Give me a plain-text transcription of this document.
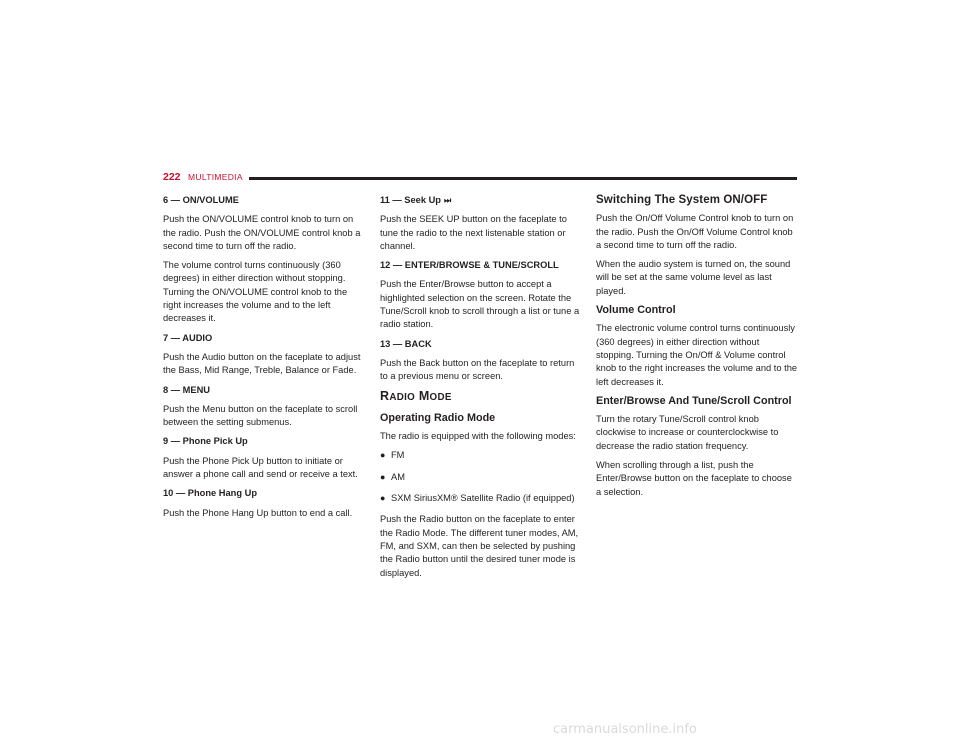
222 MULTIMEDIA
6 — ON/VOLUME
Push the ON/VOLUME control knob to turn on the radio. Push the ON/VOLUME control knob a second time to turn off the radio.
The volume control turns continuously (360 degrees) in either direction without stopping. Turning the ON/VOLUME control knob to the right increases the volume and to the left decreases it.
7 — AUDIO
Push the Audio button on the faceplate to adjust the Bass, Mid Range, Treble, Balance or Fade.
8 — MENU
Push the Menu button on the faceplate to scroll between the setting submenus.
9 — Phone Pick Up
Push the Phone Pick Up button to initiate or answer a phone call and send or receive a text.
10 — Phone Hang Up
Push the Phone Hang Up button to end a call.
11 — Seek Up ⏭
Push the SEEK UP button on the faceplate to tune the radio to the next listenable station or channel.
12 — ENTER/BROWSE & TUNE/SCROLL
Push the Enter/Browse button to accept a highlighted selection on the screen. Rotate the Tune/Scroll knob to scroll through a list or tune a radio station.
13 — BACK
Push the Back button on the faceplate to return to a previous menu or screen.
RADIO MODE
Operating Radio Mode
The radio is equipped with the following modes:
● FM
● AM
● SXM SiriusXM® Satellite Radio (if equipped)
Push the Radio button on the faceplate to enter the Radio Mode. The different tuner modes, AM, FM, and SXM, can then be selected by pushing the Radio button until the desired tuner mode is displayed.
Switching The System ON/OFF
Push the On/Off Volume Control knob to turn on the radio. Push the On/Off Volume Control knob a second time to turn off the radio.
When the audio system is turned on, the sound will be set at the same volume level as last played.
Volume Control
The electronic volume control turns continuously (360 degrees) in either direction without stopping. Turning the On/Off & Volume control knob to the right increases the volume and to the left decreases it.
Enter/Browse And Tune/Scroll Control
Turn the rotary Tune/Scroll control knob clockwise to increase or counterclockwise to decrease the radio station frequency.
When scrolling through a list, push the Enter/Browse button on the faceplate to choose a selection.
carmanualsonline.info
